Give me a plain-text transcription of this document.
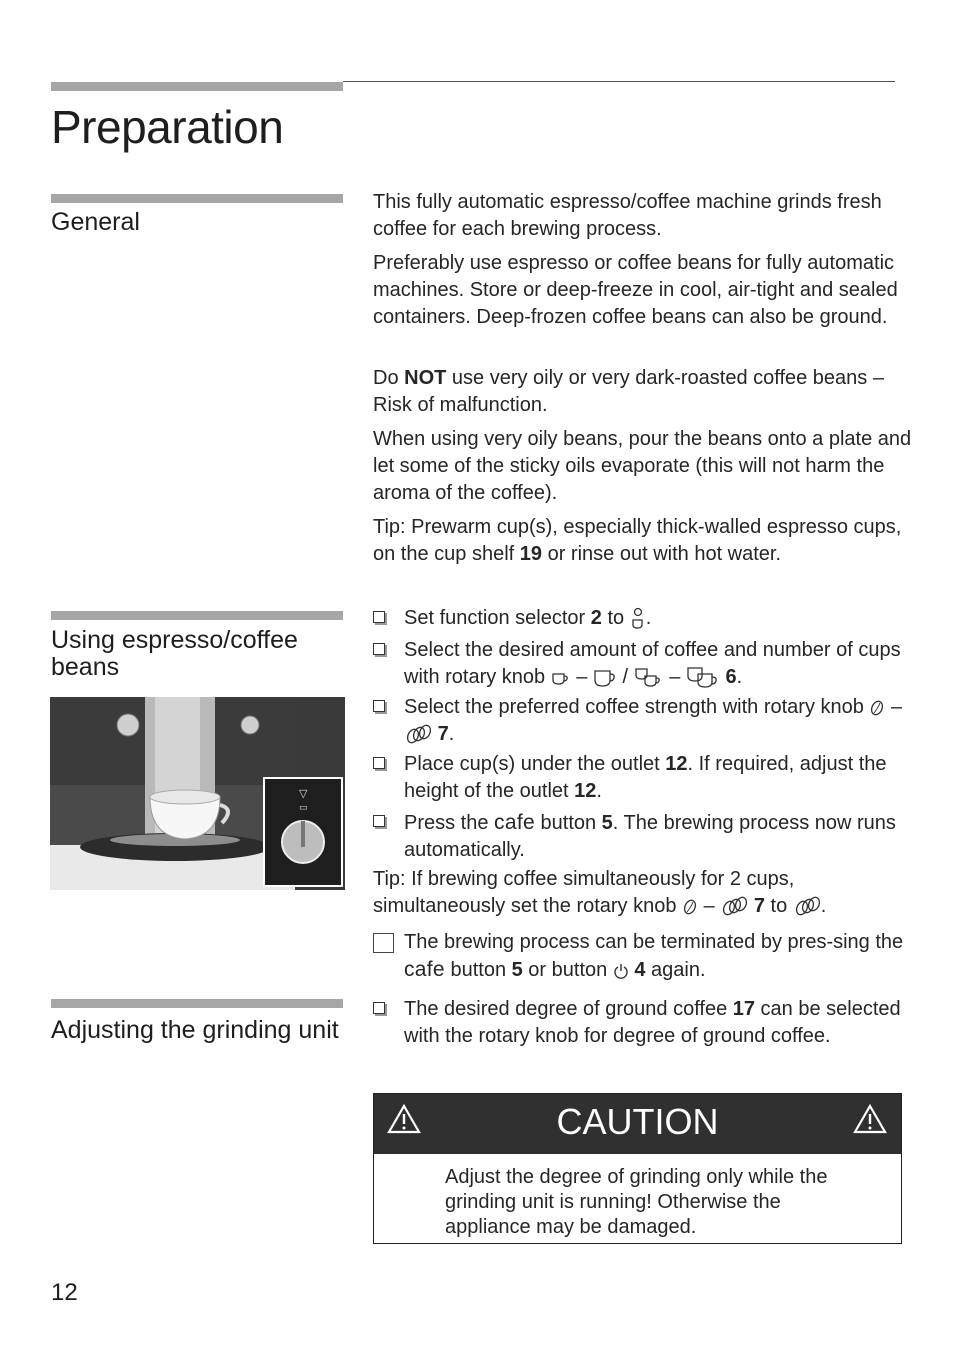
Preparation
General

This fully automatic espresso/coffee machine grinds fresh coffee for each brewing process.

Preferably use espresso or coffee beans for fully automatic machines. Store or deep-freeze in cool, air-tight and sealed containers. Deep-frozen coffee beans can also be ground.

Do NOT use very oily or very dark-roasted coffee beans – Risk of malfunction.

When using very oily beans, pour the beans onto a plate and let some of the sticky oils evaporate (this will not harm the aroma of the coffee).

Tip: Prewarm cup(s), especially thick-walled espresso cups, on the cup shelf 19 or rinse out with hot water.

Using espresso/coffee beans
▽
▭
Set function selector 2 to .
Select the desired amount of coffee and number of cups with rotary knob  –  /  –  6.
Select the preferred coffee strength with rotary knob  –  7.
Place cup(s) under the outlet 12. If required, adjust the height of the outlet 12.
Press the cafe button 5. The brewing process now runs automatically.

Tip: If brewing coffee simultaneously for 2 cups, simultaneously set the rotary knob  –  7 to .

The brewing process can be terminated by pres-sing the cafe button 5 or button  4 again.
Adjusting the grinding unit
The desired degree of ground coffee 17 can be selected with the rotary knob for degree of ground coffee.
CAUTION
Adjust the degree of grinding only while the grinding unit is running! Otherwise the appliance may be damaged.
12
